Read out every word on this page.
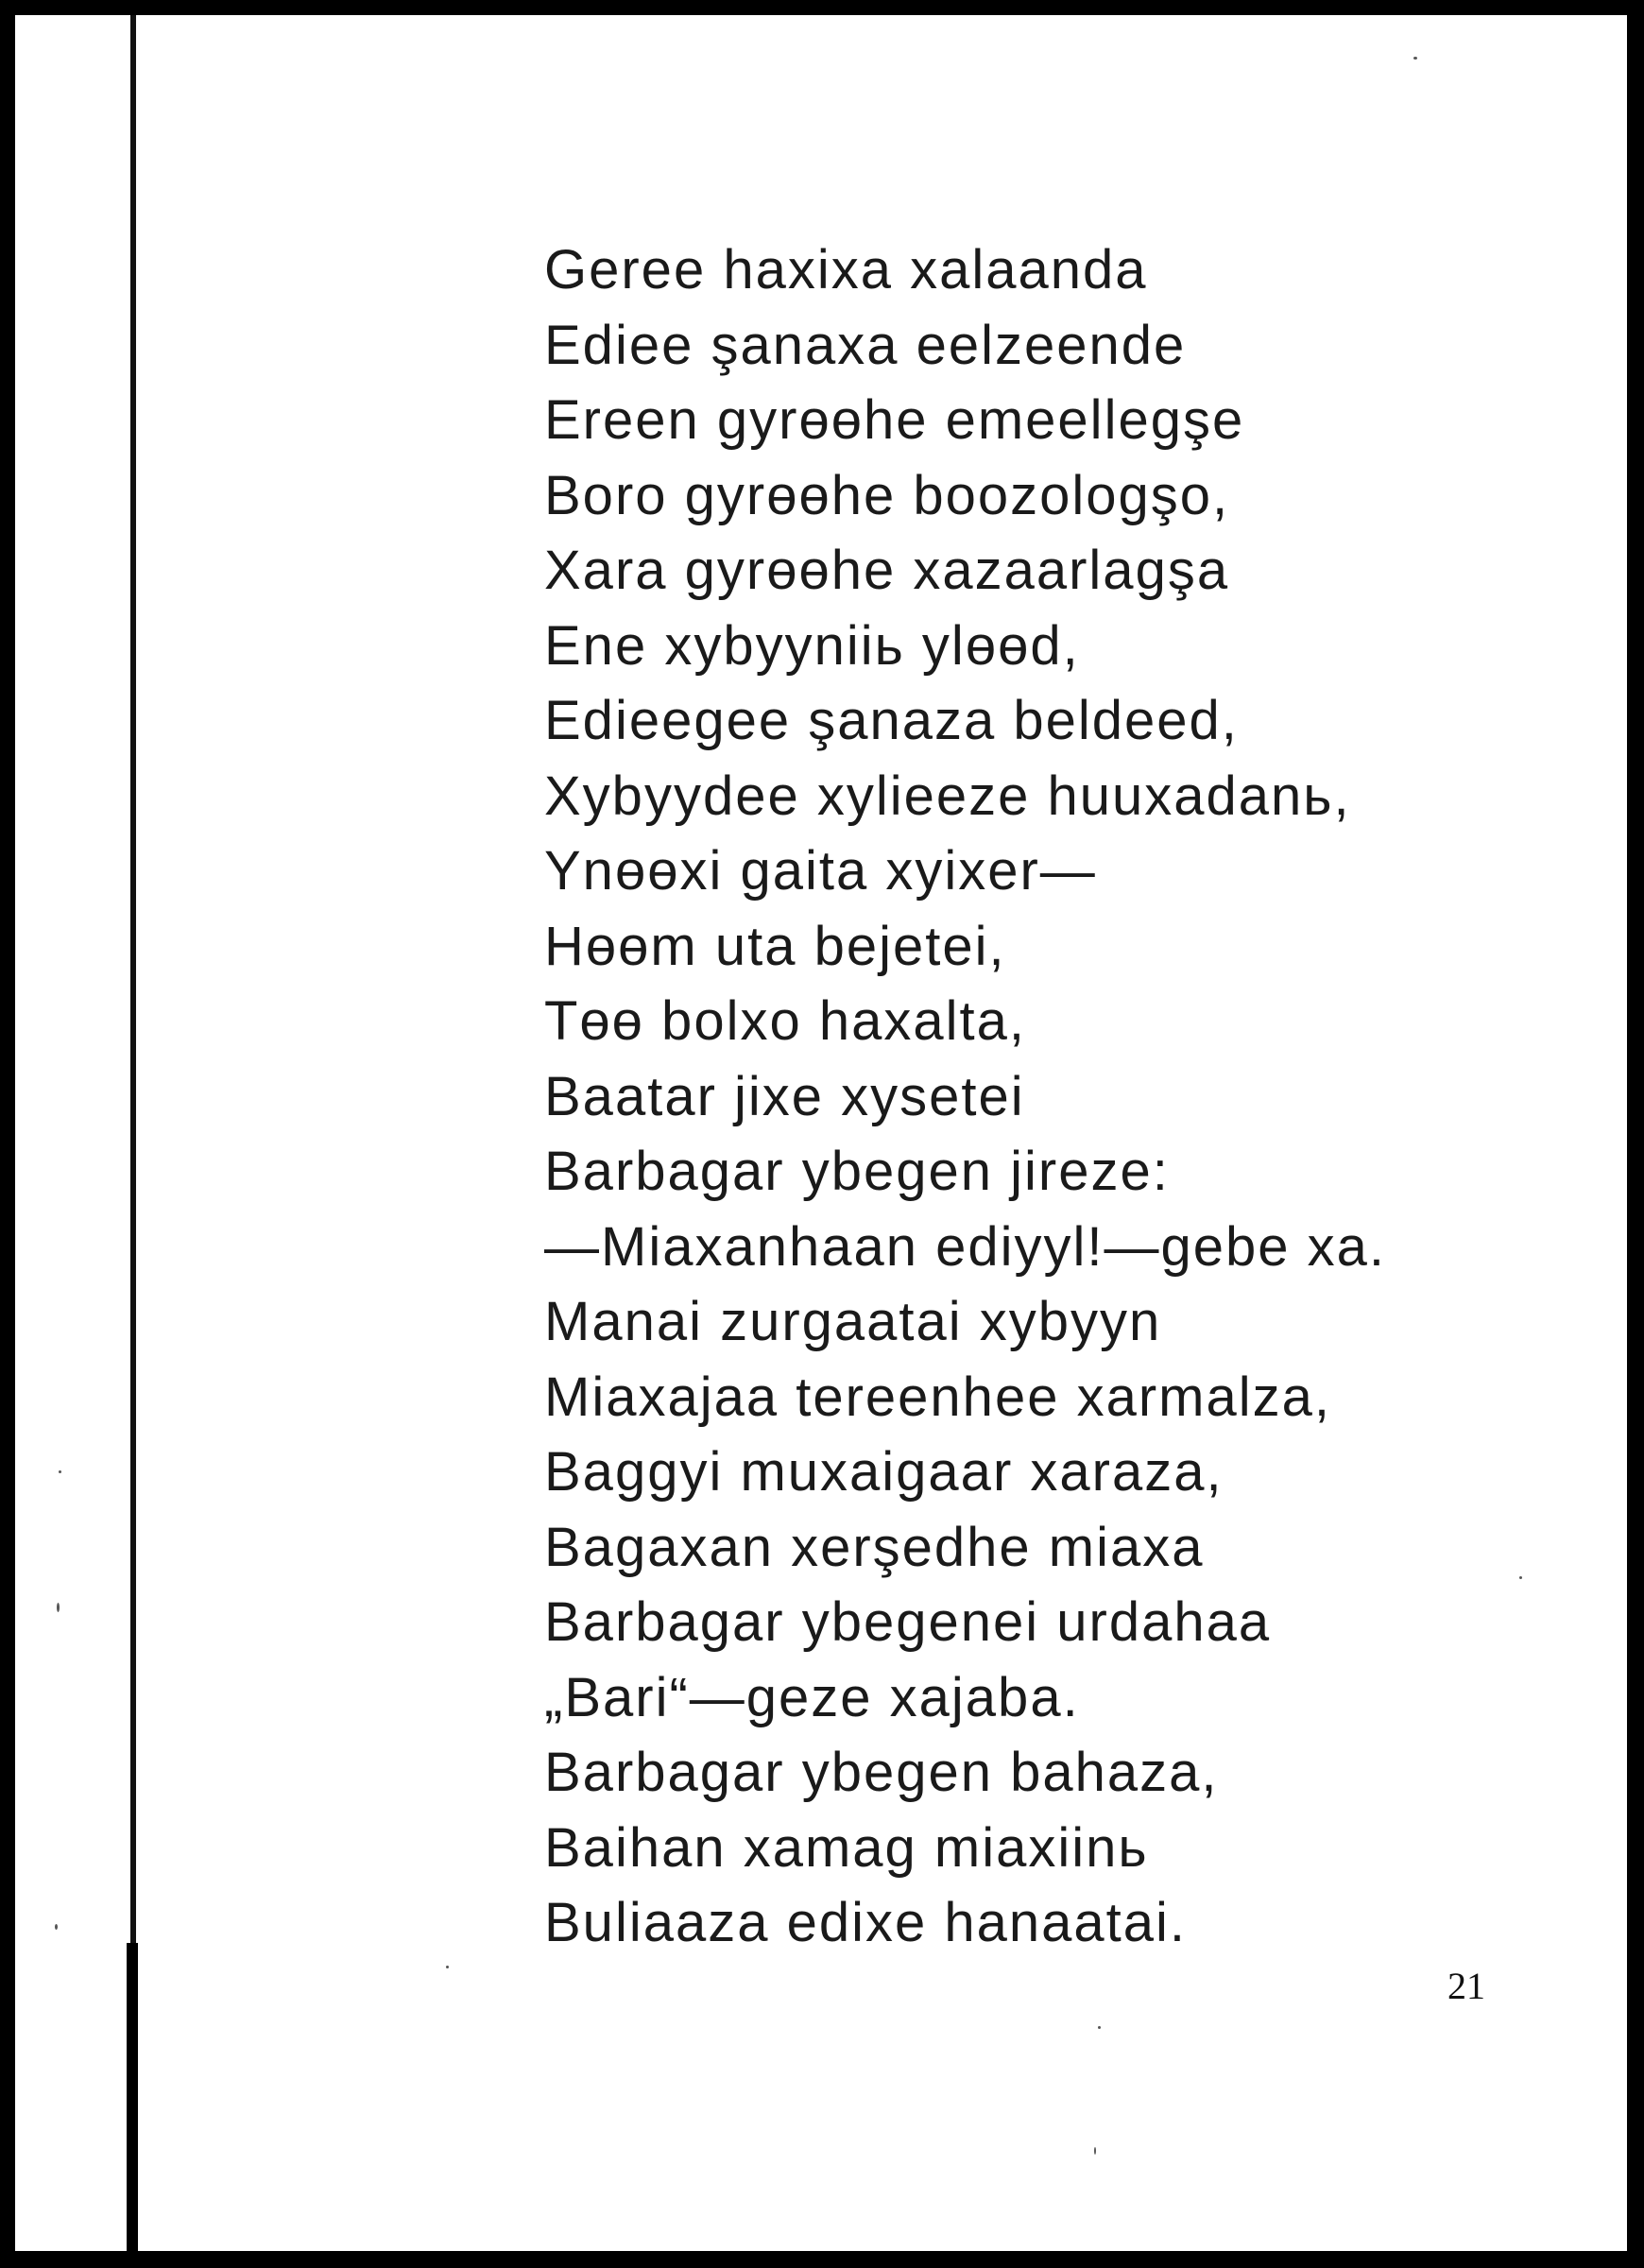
Geree haxixa xalaanda
Ediee şanaxa eelzeende
Ereen gyrөөhe emeellegşe
Boro gyrөөhe boozologşo,
Xara gyrөөhe xazaarlagşa
Ene xybyyniiь ylөөd,
Edieegee şanaza beldeed,
Xybyydee xylieeze huuxadanь,
Ynөөxi gaita xyixer—
Hөөm uta bejetei,
Tөө bolxo haxalta,
Baatar jixe xysetei
Barbagar ybegen jireze:
—Miaxanhaan ediyyl!—gebe xa.
Manai zurgaatai xybyyn
Miaxajaa tereenhee xarmalza,
Baggyi muxaigaar xaraza,
Bagaxan xerşedhe miaxa
Barbagar ybegenei urdahaa
„Bari“—geze xajaba.
Barbagar ybegen bahaza,
Baihan xamag miaxiinь
Buliaaza edixe hanaatai.
21
